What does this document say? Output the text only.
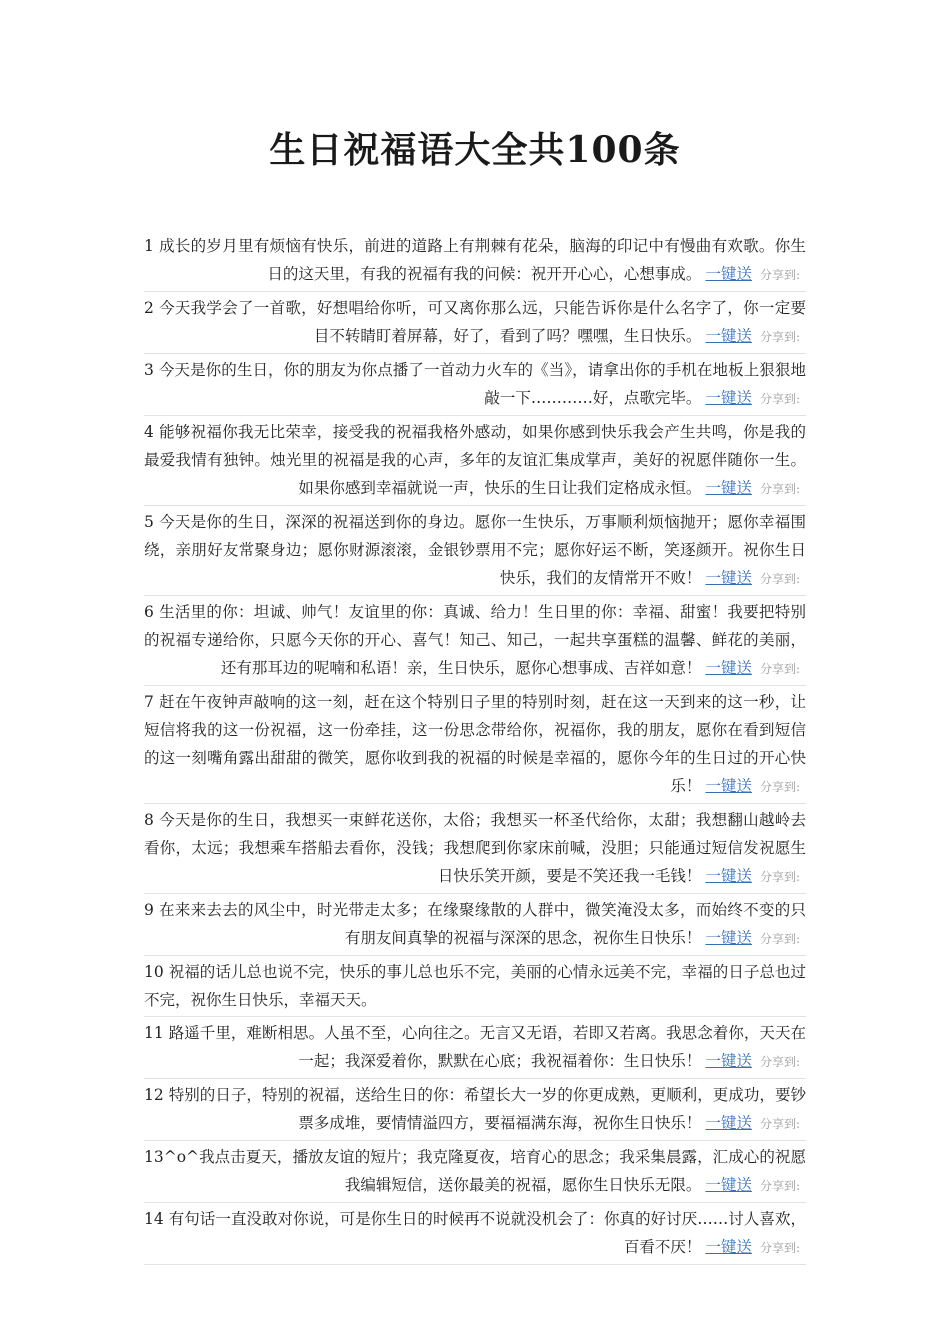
生日祝福语大全共100条

1 成长的岁月里有烦恼有快乐，前进的道路上有荆棘有花朵，脑海的印记中有慢曲有欢歌。你生日的这天里，有我的祝福有我的问候：祝开开心心，心想事成。 一键送 分享到:

2 今天我学会了一首歌，好想唱给你听，可又离你那么远，只能告诉你是什么名字了，你一定要目不转睛盯着屏幕，好了，看到了吗？嘿嘿，生日快乐。 一键送 分享到:

3 今天是你的生日，你的朋友为你点播了一首动力火车的《当》，请拿出你的手机在地板上狠狠地敲一下…………好，点歌完毕。 一键送 分享到:

4 能够祝福你我无比荣幸，接受我的祝福我格外感动，如果你感到快乐我会产生共鸣，你是我的最爱我情有独钟。烛光里的祝福是我的心声，多年的友谊汇集成掌声，美好的祝愿伴随你一生。如果你感到幸福就说一声，快乐的生日让我们定格成永恒。 一键送 分享到:

5 今天是你的生日，深深的祝福送到你的身边。愿你一生快乐，万事顺利烦恼抛开；愿你幸福围绕，亲朋好友常聚身边；愿你财源滚滚，金银钞票用不完；愿你好运不断，笑逐颜开。祝你生日快乐，我们的友情常开不败！ 一键送 分享到:

6 生活里的你：坦诚、帅气！友谊里的你：真诚、给力！生日里的你：幸福、甜蜜！我要把特别的祝福专递给你，只愿今天你的开心、喜气！知己、知己，一起共享蛋糕的温馨、鲜花的美丽，还有那耳边的呢喃和私语！亲，生日快乐，愿你心想事成、吉祥如意！ 一键送 分享到:

7 赶在午夜钟声敲响的这一刻，赶在这个特别日子里的特别时刻，赶在这一天到来的这一秒，让短信将我的这一份祝福，这一份牵挂，这一份思念带给你，祝福你，我的朋友，愿你在看到短信的这一刻嘴角露出甜甜的微笑，愿你收到我的祝福的时候是幸福的，愿你今年的生日过的开心快乐！ 一键送 分享到:

8 今天是你的生日，我想买一束鲜花送你，太俗；我想买一杯圣代给你，太甜；我想翻山越岭去看你，太远；我想乘车搭船去看你，没钱；我想爬到你家床前喊，没胆；只能通过短信发祝愿生日快乐笑开颜，要是不笑还我一毛钱！ 一键送 分享到:

9 在来来去去的风尘中，时光带走太多；在缘聚缘散的人群中，微笑淹没太多，而始终不变的只有朋友间真挚的祝福与深深的思念，祝你生日快乐！ 一键送 分享到:

10 祝福的话儿总也说不完，快乐的事儿总也乐不完，美丽的心情永远美不完，幸福的日子总也过不完，祝你生日快乐，幸福天天。

11 路遥千里，难断相思。人虽不至，心向往之。无言又无语，若即又若离。我思念着你，天天在一起；我深爱着你，默默在心底；我祝福着你：生日快乐！ 一键送 分享到:

12 特别的日子，特别的祝福，送给生日的你：希望长大一岁的你更成熟，更顺利，更成功，要钞票多成堆，要情情溢四方，要福福满东海，祝你生日快乐！ 一键送 分享到:

13^o^我点击夏天，播放友谊的短片；我克隆夏夜，培育心的思念；我采集晨露，汇成心的祝愿我编辑短信，送你最美的祝福，愿你生日快乐无限。 一键送 分享到:

14 有句话一直没敢对你说，可是你生日的时候再不说就没机会了：你真的好讨厌……讨人喜欢，百看不厌！ 一键送 分享到:
